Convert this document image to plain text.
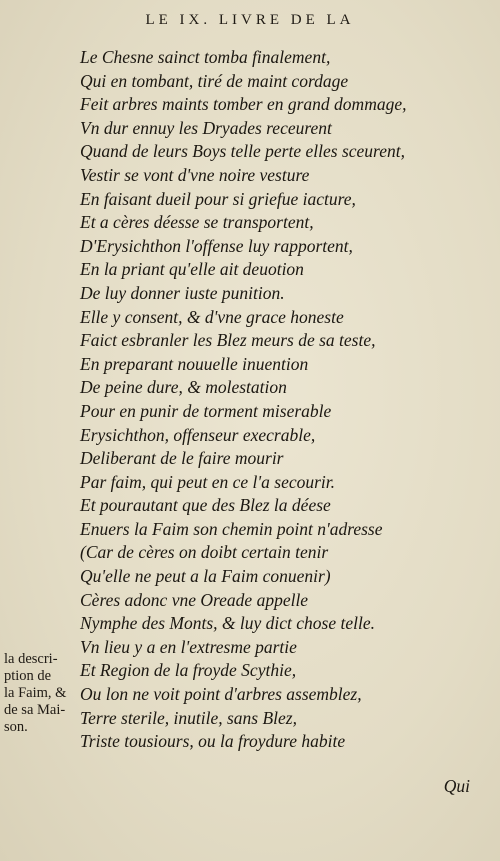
LE IX. LIVRE DE LA
Le Chesne sainct tomba finalement,
Qui en tombant, tiré de maint cordage
Feit arbres maints tomber en grand dommage,
Vn dur ennuy les Dryades receurent
Quand de leurs Boys telle perte elles sceurent,
Vestir se vont d'vne noire vesture
En faisant dueil pour si griefue iacture,
Et a cères déesse se transportent,
D'Erysichthon l'offense luy rapportent,
En la priant qu'elle ait deuotion
De luy donner iuste punition.
Elle y consent, & d'vne grace honeste
Faict esbranler les Blez meurs de sa teste,
En preparant nouuelle inuention
De peine dure, & molestation
Pour en punir de torment miserable
Erysichthon, offenseur execrable,
Deliberant de le faire mourir
Par faim, qui peut en ce l'a secourir.
Et pourautant que des Blez la déese
Enuers la Faim son chemin point n'adresse
(Car de cères on doibt certain tenir
Qu'elle ne peut a la Faim conuenir)
Cères adonc vne Oreade appelle
Nymphe des Monts, & luy dict chose telle.
Vn lieu y a en l'extresme partie
Et Region de la froyde Scythie,
Ou lon ne voit point d'arbres assemblez,
Terre sterile, inutile, sans Blez,
Triste tousiours, ou la froydure habite
la descri-
ption de
la Faim, &
de sa Mai-
son.
Qui
